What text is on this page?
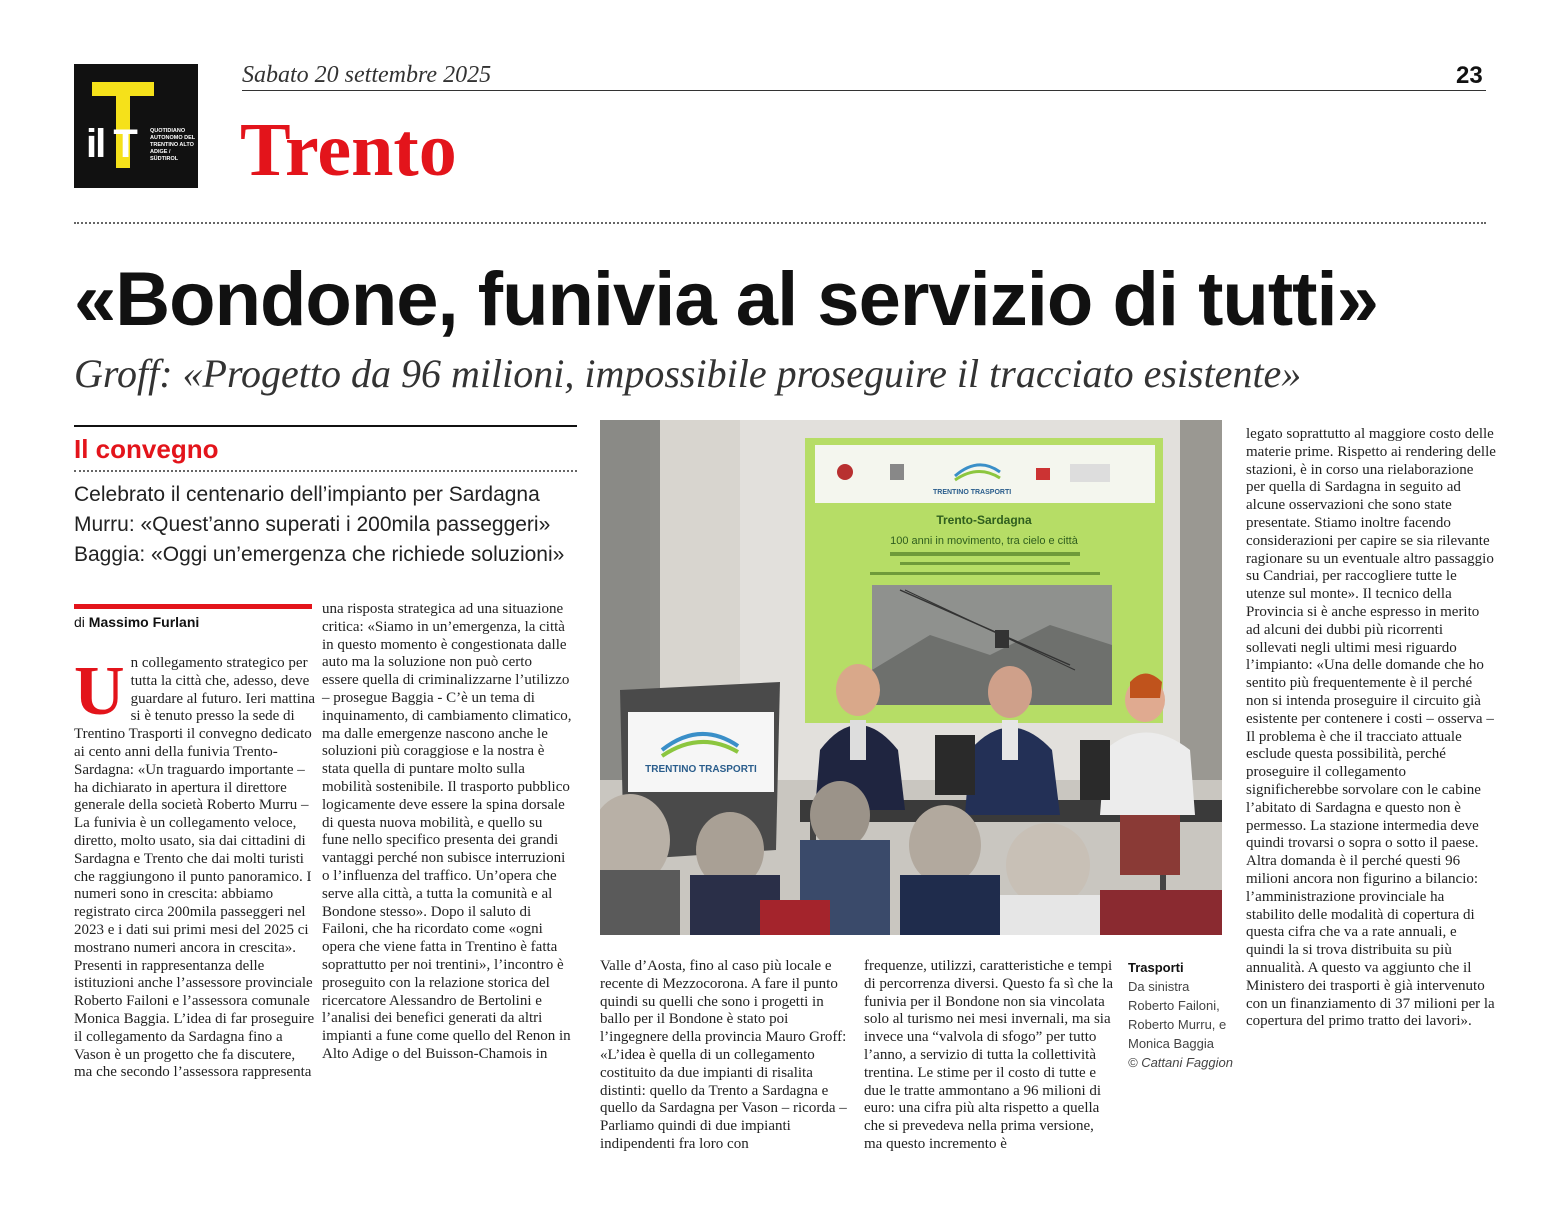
il T	QUOTIDIANO AUTONOMO DEL TRENTINO ALTO ADIGE / SÜDTIROL
Sabato 20 settembre 2025	23
Trento
«Bondone, funivia al servizio di tutti»
Groff: «Progetto da 96 milioni, impossibile proseguire il tracciato esistente»
Il convegno
Celebrato il centenario dell’impianto per Sardagna
Murru: «Quest’anno superati i 200mila passeggeri»
Baggia: «Oggi un’emergenza che richiede soluzioni»
di Massimo Furlani
U n collegamento strategico per tutta la città che, adesso, deve guardare al futuro. Ieri mattina si è tenuto presso la sede di Trentino Trasporti il convegno dedicato ai cento anni della funivia Trento-Sardagna: «Un traguardo importante – ha dichiarato in apertura il direttore generale della società Roberto Murru – La funivia è un collegamento veloce, diretto, molto usato, sia dai cittadini di Sardagna e Trento che dai molti turisti che raggiungono il punto panoramico. I numeri sono in crescita: abbiamo registrato circa 200mila passeggeri nel 2023 e i dati sui primi mesi del 2025 ci mostrano numeri ancora in crescita». Presenti in rappresentanza delle istituzioni anche l’assessore provinciale Roberto Failoni e l’assessora comunale Monica Baggia. L’idea di far proseguire il collegamento da Sardagna fino a Vason è un progetto che fa discutere, ma che secondo l’assessora rappresenta

una risposta strategica ad una situazione critica: «Siamo in un’emergenza, la città in questo momento è congestionata dalle auto ma la soluzione non può certo essere quella di criminalizzarne l’utilizzo – prosegue Baggia - C’è un tema di inquinamento, di cambiamento climatico, ma dalle emergenze nascono anche le soluzioni più coraggiose e la nostra è stata quella di puntare molto sulla mobilità sostenibile. Il trasporto pubblico logicamente deve essere la spina dorsale di questa nuova mobilità, e quello su fune nello specifico presenta dei grandi vantaggi perché non subisce interruzioni o l’influenza del traffico. Un’opera che serve alla città, a tutta la comunità e al Bondone stesso». Dopo il saluto di Failoni, che ha ricordato come «ogni opera che viene fatta in Trentino è fatta soprattutto per noi trentini», l’incontro è proseguito con la relazione storica del ricercatore Alessandro de Bertolini e l’analisi dei benefici generati da altri impianti a fune come quello del Renon in Alto Adige o del Buisson-Chamois in

Valle d’Aosta, fino al caso più locale e recente di Mezzocorona. A fare il punto quindi su quelli che sono i progetti in ballo per il Bondone è stato poi l’ingegnere della provincia Mauro Groff: «L’idea è quella di un collegamento costituito da due impianti di risalita distinti: quello da Trento a Sardagna e quello da Sardagna per Vason – ricorda – Parliamo quindi di due impianti indipendenti fra loro con

frequenze, utilizzi, caratteristiche e tempi di percorrenza diversi. Questo fa sì che la funivia per il Bondone non sia vincolata solo al turismo nei mesi invernali, ma sia invece una “valvola di sfogo” per tutto l’anno, a servizio di tutta la collettività trentina. Le stime per il costo di tutte e due le tratte ammontano a 96 milioni di euro: una cifra più alta rispetto a quella che si prevedeva nella prima versione, ma questo incremento è

legato soprattutto al maggiore costo delle materie prime. Rispetto ai rendering delle stazioni, è in corso una rielaborazione per quella di Sardagna in seguito ad alcune osservazioni che sono state presentate. Stiamo inoltre facendo considerazioni per capire se sia rilevante ragionare su un eventuale altro passaggio su Candriai, per raccogliere tutte le utenze sul monte». Il tecnico della Provincia si è anche espresso in merito ad alcuni dei dubbi più ricorrenti sollevati negli ultimi mesi riguardo l’impianto: «Una delle domande che ho sentito più frequentemente è il perché non si intenda proseguire il circuito già esistente per contenere i costi – osserva – Il problema è che il tracciato attuale esclude questa possibilità, perché proseguire il collegamento significherebbe sorvolare con le cabine l’abitato di Sardagna e questo non è permesso. La stazione intermedia deve quindi trovarsi o sopra o sotto il paese. Altra domanda è il perché questi 96 milioni ancora non figurino a bilancio: l’amministrazione provinciale ha stabilito delle modalità di copertura di questa cifra che va a rate annuali, e quindi la si trova distribuita su più annualità. A questo va aggiunto che il Ministero dei trasporti è già intervenuto con un finanziamento di 37 milioni per la copertura del primo tratto dei lavori».

Trasporti
Da sinistra Roberto Failoni, Roberto Murru, e Monica Baggia
© Cattani Faggion
TRENTINO TRASPORTI
Trento-Sardagna
100 anni in movimento, tra cielo e città
TRENTINO TRASPORTI
